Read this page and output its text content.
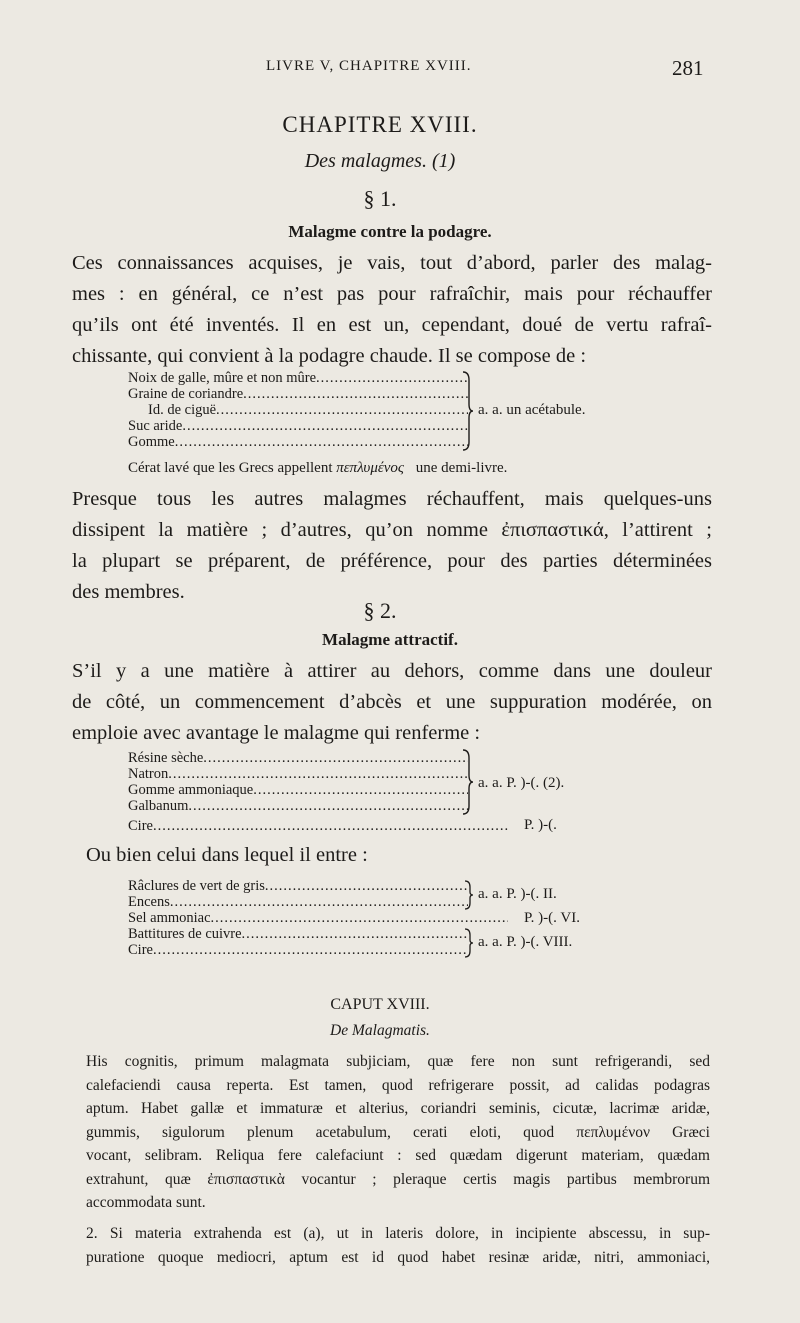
LIVRE V, CHAPITRE XVIII.	281
CHAPITRE XVIII.
Des malagmes. (1)
§ 1.
Malagme contre la podagre.
Ces connaissances acquises, je vais, tout d’abord, parler des malag-
mes : en général, ce n’est pas pour rafraîchir, mais pour réchauffer
qu’ils ont été inventés. Il en est un, cependant, doué de vertu rafraî-
chissante, qui convient à la podagre chaude. Il se compose de :
Noix de galle, mûre et non mûre
.....
Graine de coriandre
.....
Id. de ciguë
.....
Suc aride
.....
Gomme
.....
a. a. un acétabule.
Cérat lavé que les Grecs appellent πεπλυμένος une demi-livre.
Presque tous les autres malagmes réchauffent, mais quelques-uns
dissipent la matière ; d’autres, qu’on nomme ἐπισπαστικά, l’attirent ;
la plupart se préparent, de préférence, pour des parties déterminées
des membres.
§ 2.
Malagme attractif.
S’il y a une matière à attirer au dehors, comme dans une douleur
de côté, un commencement d’abcès et une suppuration modérée, on
emploie avec avantage le malagme qui renferme :
Résine sèche
.....
Natron
.....
Gomme ammoniaque
.....
Galbanum
.....
a. a. P. )-(. (2).
Cire
.....	P. )-(.
Ou bien celui dans lequel il entre :
Râclures de vert de gris
.....
Encens
.....
Sel ammoniac
.....
Battitures de cuivre
.....
Cire
.....
a. a. P. )-(. II.
P. )-(. VI.
a. a. P. )-(. VIII.
CAPUT XVIII.
De Malagmatis.
His cognitis, primum malagmata subjiciam, quæ fere non sunt refrigerandi, sed
calefaciendi causa reperta. Est tamen, quod refrigerare possit, ad calidas podagras
aptum. Habet gallæ et immaturæ et alterius, coriandri seminis, cicutæ, lacrimæ aridæ,
gummis, sigulorum plenum acetabulum, cerati eloti, quod πεπλυμένον Græci
vocant, selibram. Reliqua fere calefaciunt : sed quædam digerunt materiam, quædam
extrahunt, quæ ἐπισπαστικὰ vocantur ; pleraque certis magis partibus membrorum
accommodata sunt.
2. Si materia extrahenda est (a), ut in lateris dolore, in incipiente abscessu, in sup-
puratione quoque mediocri, aptum est id quod habet resinæ aridæ, nitri, ammoniaci,
